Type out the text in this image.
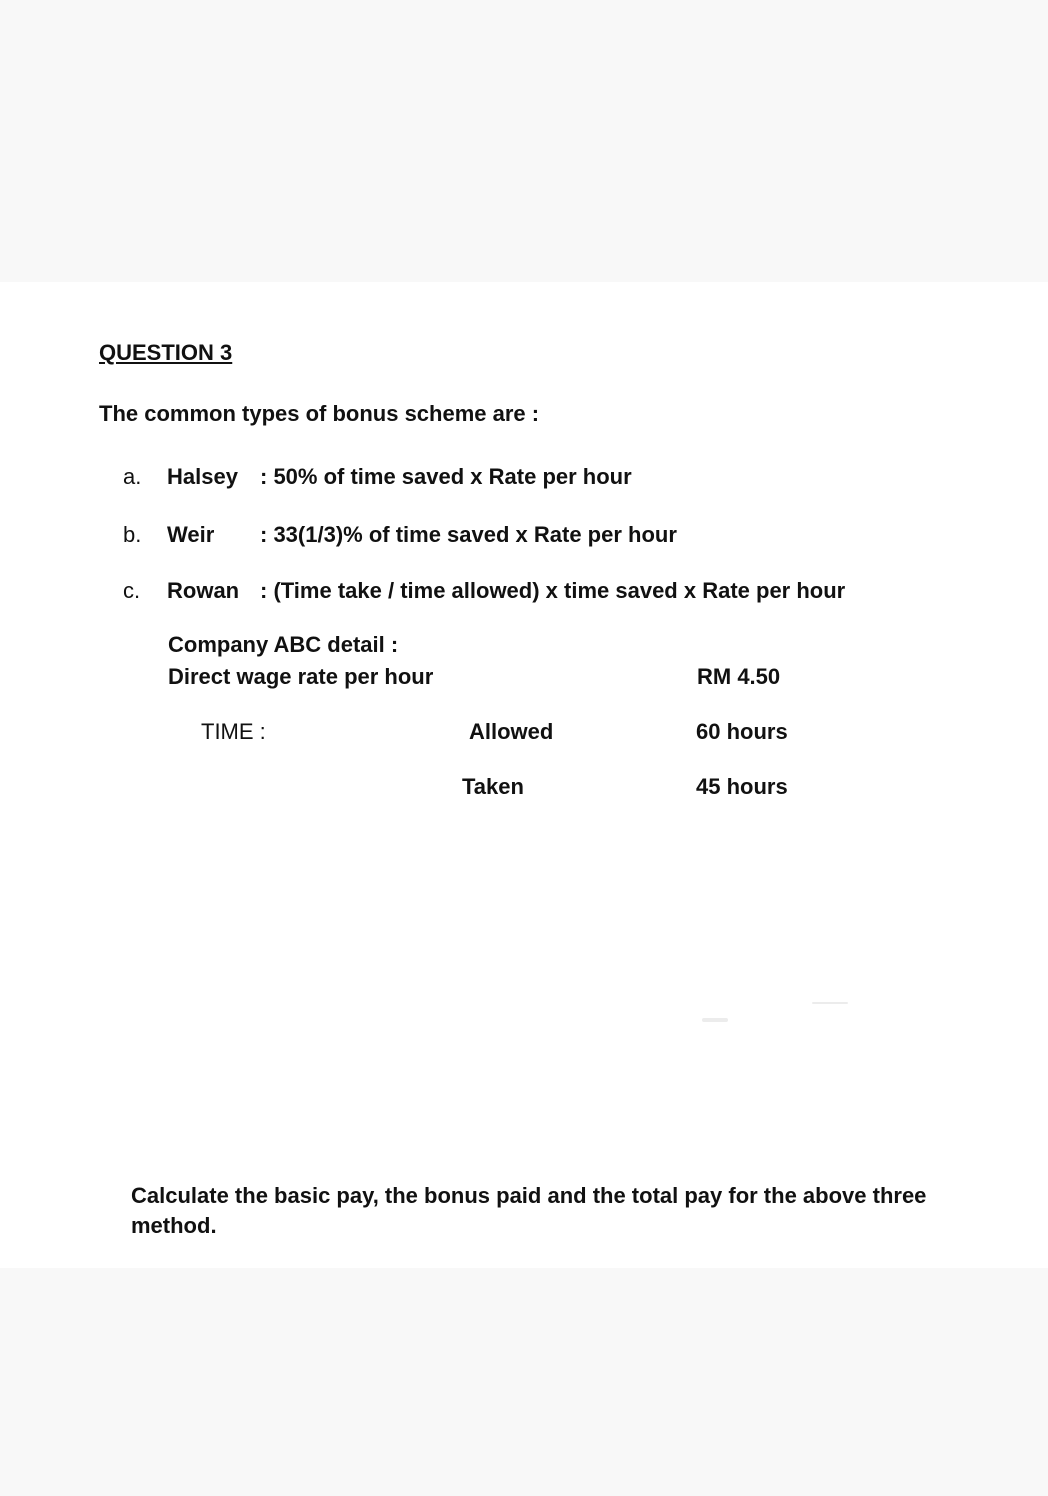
QUESTION 3
The common types of bonus scheme are :
a. Halsey : 50% of time saved x Rate per hour
b. Weir : 33(1/3)% of time saved x Rate per hour
c. Rowan : (Time take / time allowed) x time saved x Rate per hour
Company ABC detail :
Direct wage rate per hour	RM 4.50
TIME :	Allowed	60 hours
Taken	45 hours
Calculate the basic pay, the bonus paid and the total pay for the above three method.
